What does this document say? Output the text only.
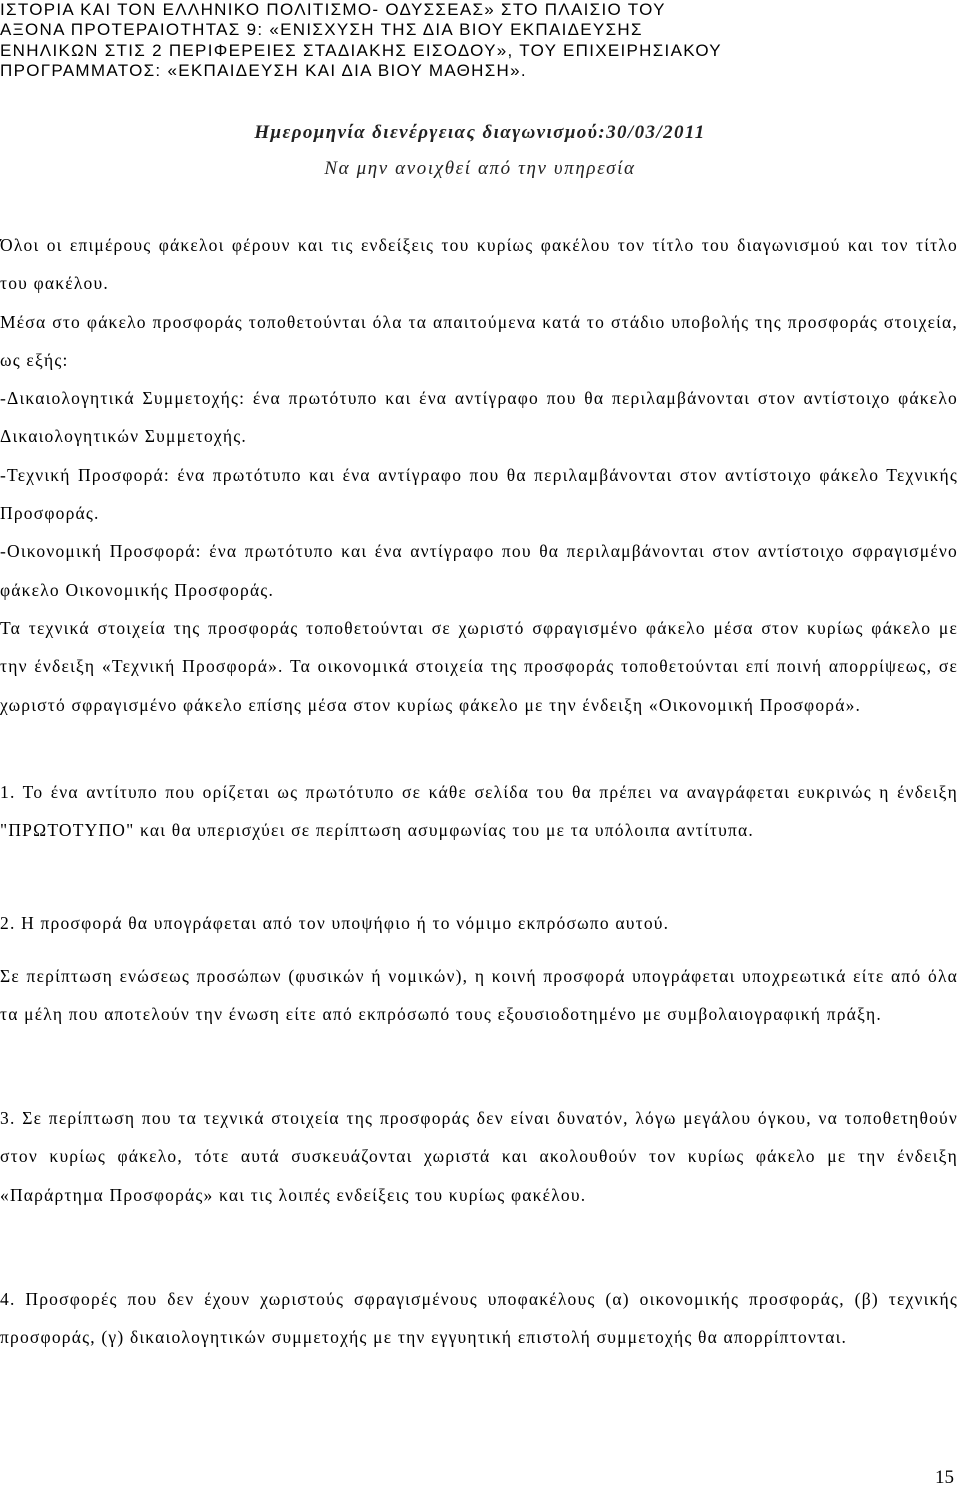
ΙΣΤΟΡΙΑ ΚΑΙ ΤΟΝ ΕΛΛΗΝΙΚΟ ΠΟΛΙΤΙΣΜΟ- ΟΔΥΣΣΕΑΣ» ΣΤΟ ΠΛΑΙΣΙΟ ΤΟΥ
ΑΞΟΝΑ ΠΡΟΤΕΡΑΙΟΤΗΤΑΣ 9: «ΕΝΙΣΧΥΣΗ ΤΗΣ ΔΙΑ ΒΙΟΥ ΕΚΠΑΙΔΕΥΣΗΣ
ΕΝΗΛΙΚΩΝ ΣΤΙΣ 2 ΠΕΡΙΦΕΡΕΙΕΣ ΣΤΑΔΙΑΚΗΣ ΕΙΣΟΔΟΥ», ΤΟΥ ΕΠΙΧΕΙΡΗΣΙΑΚΟΥ
ΠΡΟΓΡΑΜΜΑΤΟΣ: «ΕΚΠΑΙΔΕΥΣΗ ΚΑΙ ΔΙΑ ΒΙΟΥ ΜΑΘΗΣΗ».
Ημερομηνία διενέργειας διαγωνισμού:30/03/2011
Να μην ανοιχθεί από την υπηρεσία

Όλοι οι επιμέρους φάκελοι φέρουν και τις ενδείξεις του κυρίως φακέλου τον τίτλο του διαγωνισμού και τον τίτλο του φακέλου.

Μέσα στο φάκελο προσφοράς τοποθετούνται όλα τα απαιτούμενα κατά το στάδιο υποβολής της προσφοράς στοιχεία, ως εξής:

-Δικαιολογητικά Συμμετοχής: ένα πρωτότυπο και ένα αντίγραφο που θα περιλαμβάνονται στον αντίστοιχο φάκελο Δικαιολογητικών Συμμετοχής.

-Τεχνική Προσφορά: ένα πρωτότυπο και ένα αντίγραφο που θα περιλαμβάνονται στον αντίστοιχο φάκελο Τεχνικής Προσφοράς.

-Οικονομική Προσφορά: ένα πρωτότυπο και ένα αντίγραφο που θα περιλαμβάνονται στον αντίστοιχο σφραγισμένο φάκελο Οικονομικής Προσφοράς.

Τα τεχνικά στοιχεία της προσφοράς τοποθετούνται σε χωριστό σφραγισμένο φάκελο μέσα στον κυρίως φάκελο με την ένδειξη «Τεχνική Προσφορά». Τα οικονομικά στοιχεία της προσφοράς τοποθετούνται επί ποινή απορρίψεως, σε χωριστό σφραγισμένο φάκελο επίσης μέσα στον κυρίως φάκελο με την ένδειξη «Οικονομική Προσφορά».

1. Το ένα αντίτυπο που ορίζεται ως πρωτότυπο σε κάθε σελίδα του θα πρέπει να αναγράφεται ευκρινώς η ένδειξη "ΠΡΩΤΟΤΥΠΟ" και θα υπερισχύει σε περίπτωση ασυμφωνίας του με τα υπόλοιπα αντίτυπα.

2. Η προσφορά θα υπογράφεται από τον υποψήφιο ή το νόμιμο εκπρόσωπο αυτού.

Σε περίπτωση ενώσεως προσώπων (φυσικών ή νομικών), η κοινή προσφορά υπογράφεται υποχρεωτικά είτε από όλα τα μέλη που αποτελούν την ένωση είτε από εκπρόσωπό τους εξουσιοδοτημένο με συμβολαιογραφική πράξη.

3. Σε περίπτωση που τα τεχνικά στοιχεία της προσφοράς δεν είναι δυνατόν, λόγω μεγάλου όγκου, να τοποθετηθούν στον κυρίως φάκελο, τότε αυτά συσκευάζονται χωριστά και ακολουθούν τον κυρίως φάκελο με την ένδειξη «Παράρτημα Προσφοράς» και τις λοιπές ενδείξεις του κυρίως φακέλου.

4. Προσφορές που δεν έχουν χωριστούς σφραγισμένους υποφακέλους (α) οικονομικής προσφοράς, (β) τεχνικής προσφοράς, (γ) δικαιολογητικών συμμετοχής με την εγγυητική επιστολή συμμετοχής θα απορρίπτονται.

15
